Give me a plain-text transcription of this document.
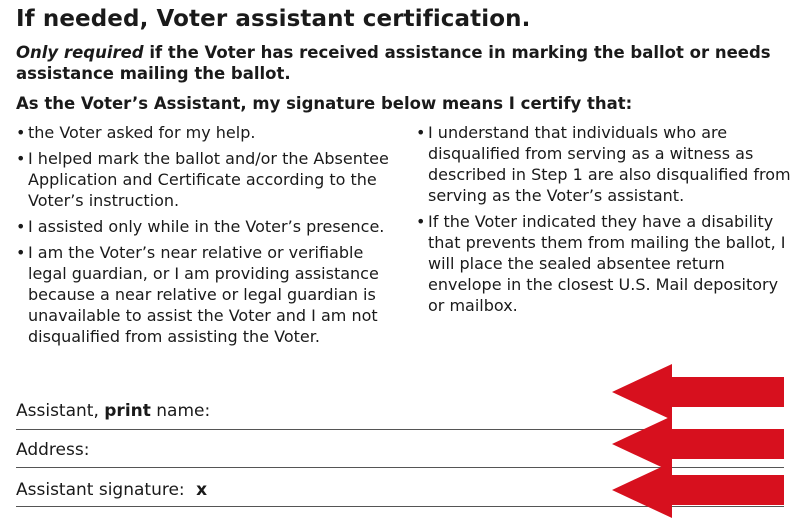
If needed, Voter assistant certification.
Only required if the Voter has received assistance in marking the ballot or needs assistance mailing the ballot.
As the Voter’s Assistant, my signature below means I certify that:
• the Voter asked for my help.
• I helped mark the ballot and/or the Absentee Application and Certificate according to the Voter’s instruction.
• I assisted only while in the Voter’s presence.
• I am the Voter’s near relative or verifiable legal guardian, or I am providing assistance because a near relative or legal guardian is unavailable to assist the Voter and I am not disqualified from assisting the Voter.
• I understand that individuals who are disqualified from serving as a witness as described in Step 1 are also disqualified from serving as the Voter’s assistant.
• If the Voter indicated they have a disability that prevents them from mailing the ballot, I will place the sealed absentee return envelope in the closest U.S. Mail depository or mailbox.
Assistant, print name:
Address:
Assistant signature: x
